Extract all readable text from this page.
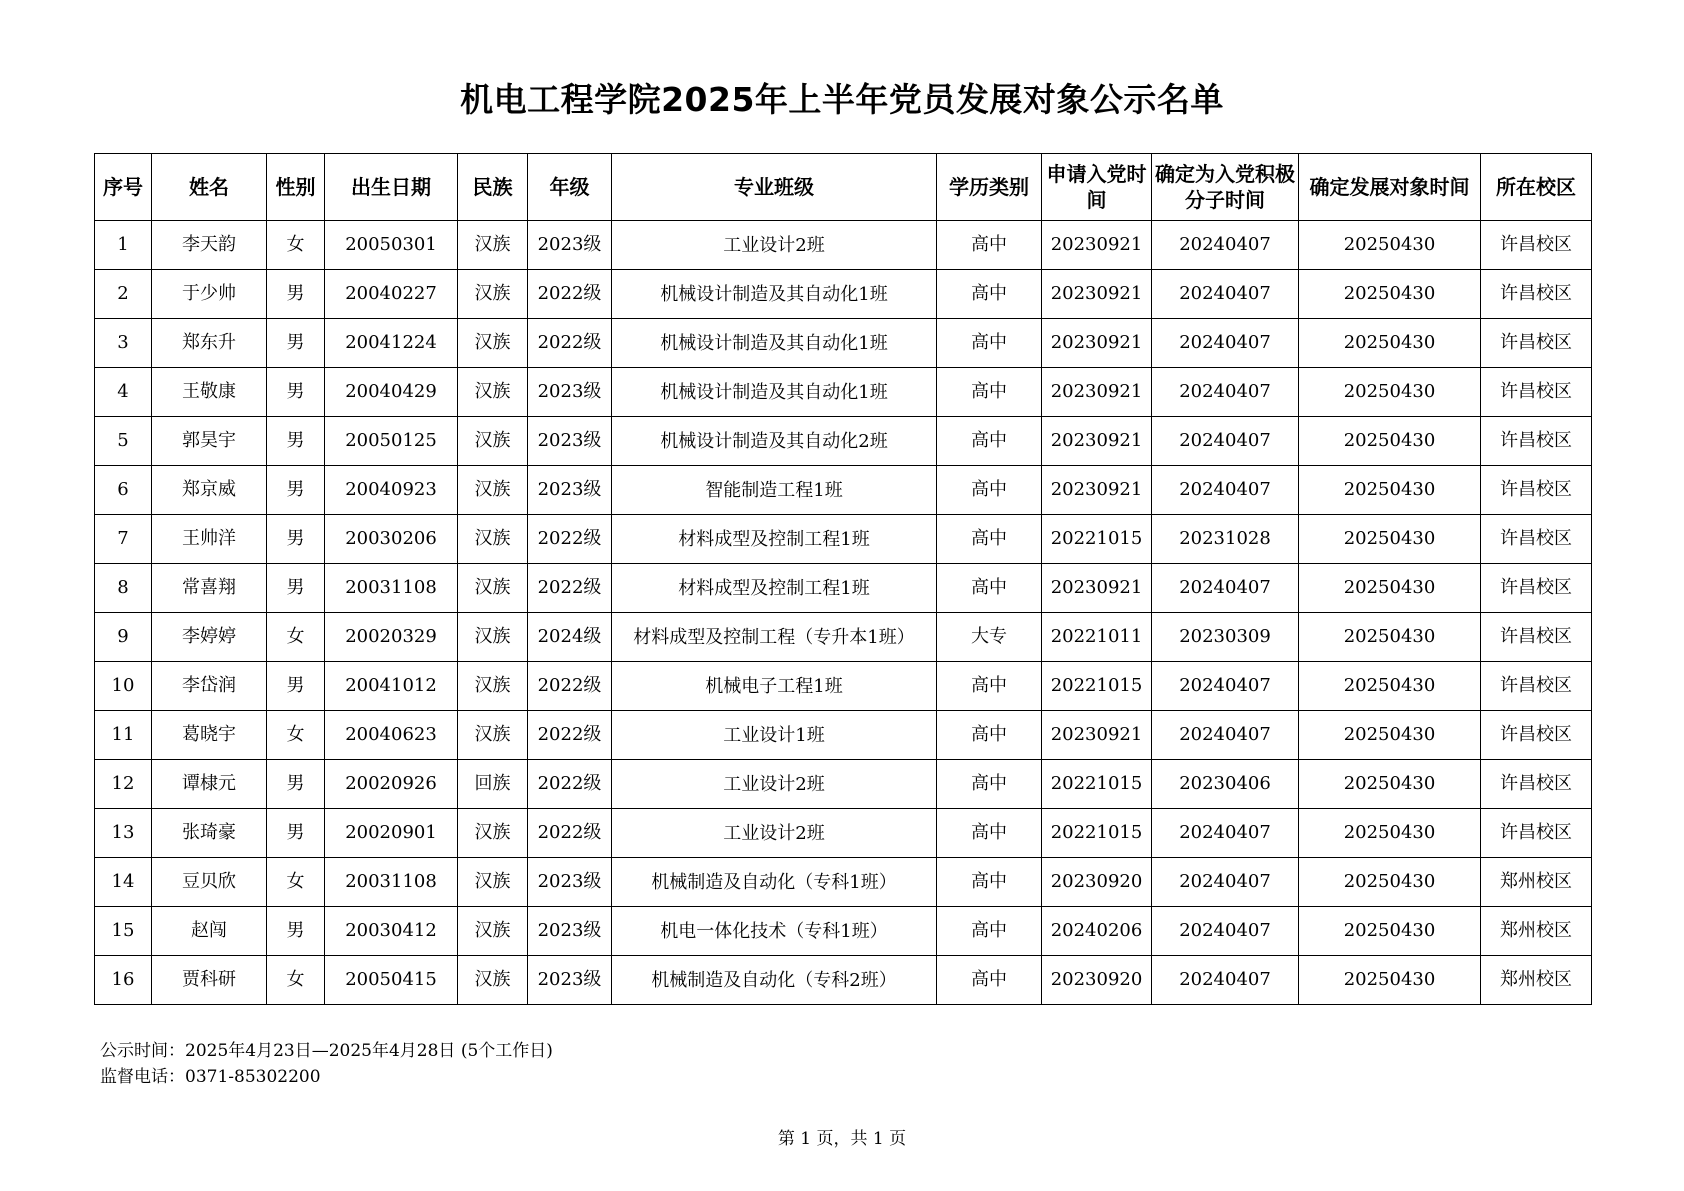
机电工程学院2025年上半年党员发展对象公示名单
序号	姓名	性别	出生日期	民族	年级	专业班级	学历类别	申请入党时间	确定为入党积极分子时间	确定发展对象时间	所在校区
1	李天韵	女	20050301	汉族	2023级	工业设计2班	高中	20230921	20240407	20250430	许昌校区
2	于少帅	男	20040227	汉族	2022级	机械设计制造及其自动化1班	高中	20230921	20240407	20250430	许昌校区
3	郑东升	男	20041224	汉族	2022级	机械设计制造及其自动化1班	高中	20230921	20240407	20250430	许昌校区
4	王敬康	男	20040429	汉族	2023级	机械设计制造及其自动化1班	高中	20230921	20240407	20250430	许昌校区
5	郭昊宇	男	20050125	汉族	2023级	机械设计制造及其自动化2班	高中	20230921	20240407	20250430	许昌校区
6	郑京威	男	20040923	汉族	2023级	智能制造工程1班	高中	20230921	20240407	20250430	许昌校区
7	王帅洋	男	20030206	汉族	2022级	材料成型及控制工程1班	高中	20221015	20231028	20250430	许昌校区
8	常喜翔	男	20031108	汉族	2022级	材料成型及控制工程1班	高中	20230921	20240407	20250430	许昌校区
9	李婷婷	女	20020329	汉族	2024级	材料成型及控制工程（专升本1班）	大专	20221011	20230309	20250430	许昌校区
10	李岱润	男	20041012	汉族	2022级	机械电子工程1班	高中	20221015	20240407	20250430	许昌校区
11	葛晓宇	女	20040623	汉族	2022级	工业设计1班	高中	20230921	20240407	20250430	许昌校区
12	谭棣元	男	20020926	回族	2022级	工业设计2班	高中	20221015	20230406	20250430	许昌校区
13	张琦豪	男	20020901	汉族	2022级	工业设计2班	高中	20221015	20240407	20250430	许昌校区
14	豆贝欣	女	20031108	汉族	2023级	机械制造及自动化（专科1班）	高中	20230920	20240407	20250430	郑州校区
15	赵闯	男	20030412	汉族	2023级	机电一体化技术（专科1班）	高中	20240206	20240407	20250430	郑州校区
16	贾科研	女	20050415	汉族	2023级	机械制造及自动化（专科2班）	高中	20230920	20240407	20250430	郑州校区
公示时间：2025年4月23日—2025年4月28日 (5个工作日)
监督电话：0371-85302200
第 1 页，共 1 页
